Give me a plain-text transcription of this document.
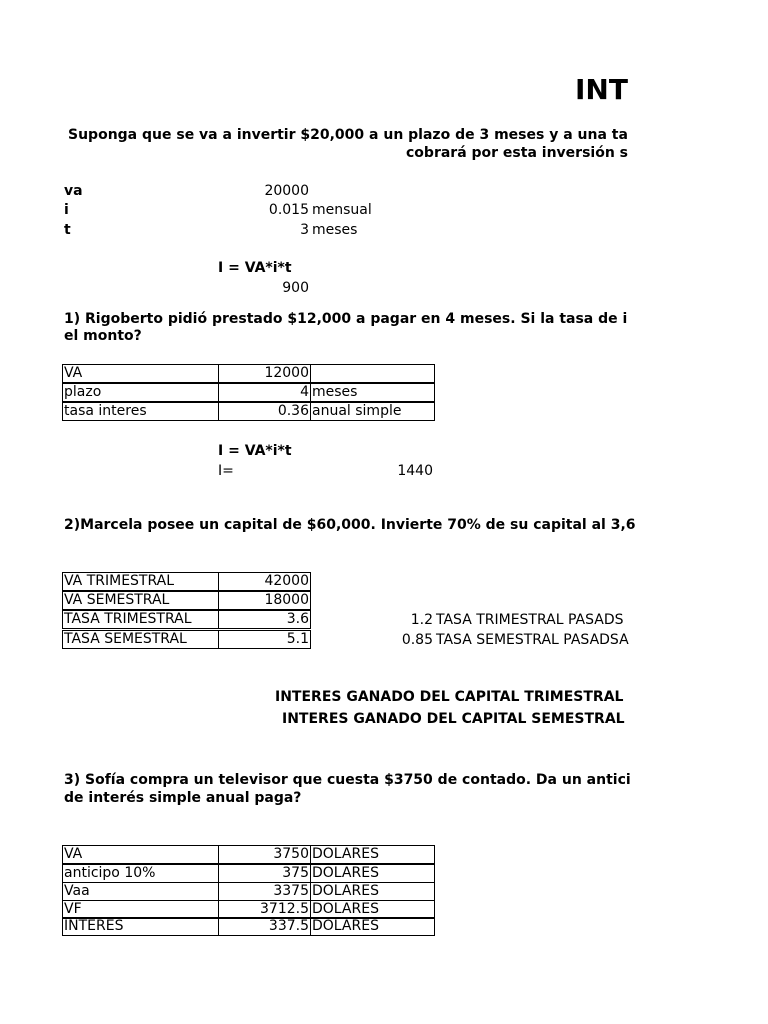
INT
Suponga que se va a invertir $20,000 a un plazo de 3 meses y a una ta
cobrará por esta inversión s
va	20000
i	0.015 mensual
t	3 meses
I = VA*i*t
900
1) Rigoberto pidió prestado $12,000 a pagar en 4 meses. Si la tasa de i
el monto?
VA	12000
plazo	4 meses
tasa interes	0.36 anual simple
I = VA*i*t
I=	1440
2)Marcela posee un capital de $60,000. Invierte 70% de su capital al 3,6
VA TRIMESTRAL	42000
VA SEMESTRAL	18000
TASA TRIMESTRAL	3.6
TASA SEMESTRAL	5.1
1.2 TASA TRIMESTRAL PASADS
0.85 TASA SEMESTRAL PASADSA
INTERES GANADO DEL CAPITAL TRIMESTRAL
INTERES GANADO DEL CAPITAL SEMESTRAL
3) Sofía compra un televisor que cuesta $3750 de contado. Da un antici
de interés simple anual paga?
VA	3750 DOLARES
anticipo 10%	375 DOLARES
Vaa	3375 DOLARES
VF	3712.5 DOLARES
INTERES	337.5 DOLARES
